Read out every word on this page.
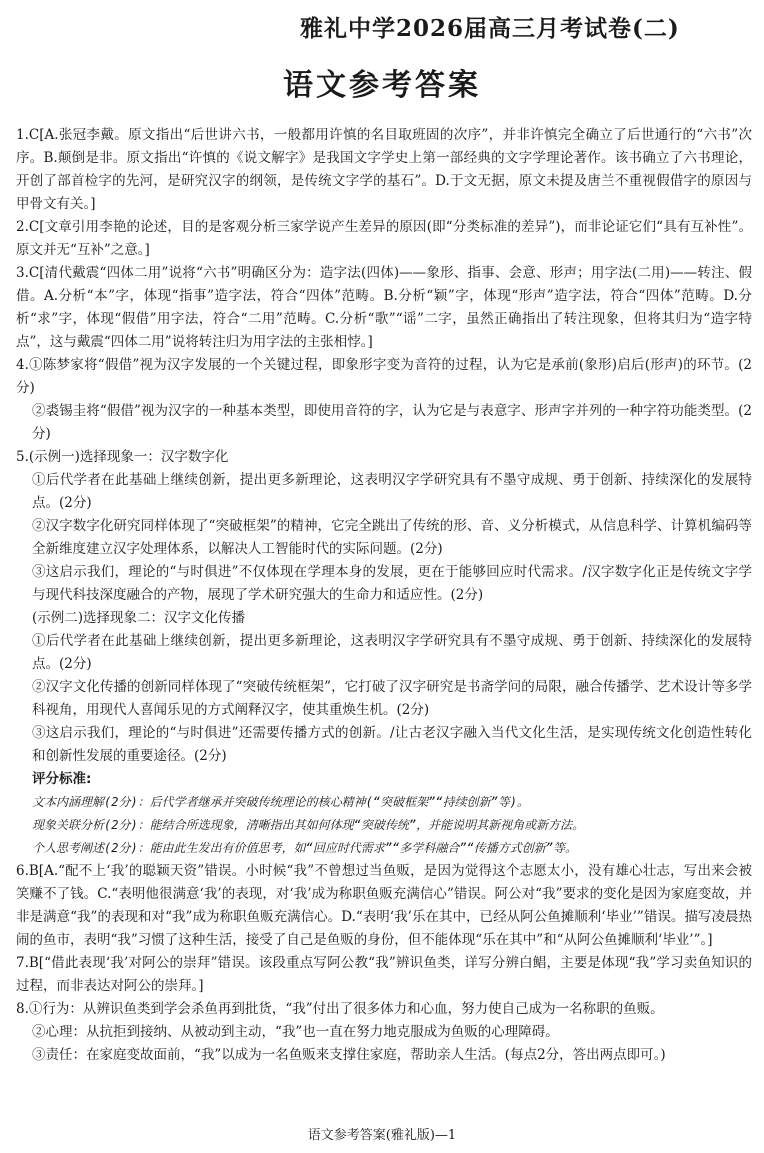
雅礼中学2026届高三月考试卷(二)
语文参考答案

1.C[A.张冠李戴。原文指出“后世讲六书，一般都用许慎的名目取班固的次序”，并非许慎完全确立了后世通行的“六书”次序。B.颠倒是非。原文指出“许慎的《说文解字》是我国文字学史上第一部经典的文字学理论著作。该书确立了六书理论，开创了部首检字的先河，是研究汉字的纲领，是传统文字学的基石”。D.于文无据，原文未提及唐兰不重视假借字的原因与甲骨文有关。]

2.C[文章引用李艳的论述，目的是客观分析三家学说产生差异的原因(即“分类标准的差异”)，而非论证它们“具有互补性”。原文并无“互补”之意。]

3.C[清代戴震“四体二用”说将“六书”明确区分为：造字法(四体)——象形、指事、会意、形声；用字法(二用)——转注、假借。A.分析“本”字，体现“指事”造字法，符合“四体”范畴。B.分析“颖”字，体现“形声”造字法，符合“四体”范畴。D.分析“求”字，体现“假借”用字法，符合“二用”范畴。C.分析“歌”“谣”二字，虽然正确指出了转注现象，但将其归为“造字特点”，这与戴震“四体二用”说将转注归为用字法的主张相悖。]

4.①陈梦家将“假借”视为汉字发展的一个关键过程，即象形字变为音符的过程，认为它是承前(象形)启后(形声)的环节。(2分)

②裘锡圭将“假借”视为汉字的一种基本类型，即使用音符的字，认为它是与表意字、形声字并列的一种字符功能类型。(2分)

5.(示例一)选择现象一：汉字数字化

①后代学者在此基础上继续创新，提出更多新理论，这表明汉字学研究具有不墨守成规、勇于创新、持续深化的发展特点。(2分)

②汉字数字化研究同样体现了“突破框架”的精神，它完全跳出了传统的形、音、义分析模式，从信息科学、计算机编码等全新维度建立汉字处理体系，以解决人工智能时代的实际问题。(2分)

③这启示我们，理论的“与时俱进”不仅体现在学理本身的发展，更在于能够回应时代需求。/汉字数字化正是传统文字学与现代科技深度融合的产物，展现了学术研究强大的生命力和适应性。(2分)

(示例二)选择现象二：汉字文化传播

①后代学者在此基础上继续创新，提出更多新理论，这表明汉字学研究具有不墨守成规、勇于创新、持续深化的发展特点。(2分)

②汉字文化传播的创新同样体现了“突破传统框架”，它打破了汉字研究是书斋学问的局限，融合传播学、艺术设计等多学科视角，用现代人喜闻乐见的方式阐释汉字，使其重焕生机。(2分)

③这启示我们，理论的“与时俱进”还需要传播方式的创新。/让古老汉字融入当代文化生活，是实现传统文化创造性转化和创新性发展的重要途径。(2分)

评分标准:

文本内涵理解(2分)：后代学者继承并突破传统理论的核心精神(“突破框架”“持续创新”等)。

现象关联分析(2分)：能结合所选现象，清晰指出其如何体现“突破传统”，并能说明其新视角或新方法。

个人思考阐述(2分)：能由此生发出有价值思考，如“回应时代需求”“多学科融合”“传播方式创新”等。

6.B[A.“配不上‘我’的聪颖天资”错误。小时候“我”不曾想过当鱼贩，是因为觉得这个志愿太小，没有雄心壮志，写出来会被笑赚不了钱。C.“表明他很满意‘我’的表现，对‘我’成为称职鱼贩充满信心”错误。阿公对“我”要求的变化是因为家庭变故，并非是满意“我”的表现和对“我”成为称职鱼贩充满信心。D.“表明‘我’乐在其中，已经从阿公鱼摊顺利‘毕业’”错误。描写凌晨热闹的鱼市，表明“我”习惯了这种生活，接受了自己是鱼贩的身份，但不能体现“乐在其中”和“从阿公鱼摊顺利‘毕业’”。]

7.B[“借此表现‘我’对阿公的崇拜”错误。该段重点写阿公教“我”辨识鱼类，详写分辨白鲳，主要是体现“我”学习卖鱼知识的过程，而非表达对阿公的崇拜。]

8.①行为：从辨识鱼类到学会杀鱼再到批货，“我”付出了很多体力和心血，努力使自己成为一名称职的鱼贩。

②心理：从抗拒到接纳、从被动到主动，“我”也一直在努力地克服成为鱼贩的心理障碍。

③责任：在家庭变故面前，“我”以成为一名鱼贩来支撑住家庭，帮助亲人生活。(每点2分，答出两点即可。)

语文参考答案(雅礼版)—1
